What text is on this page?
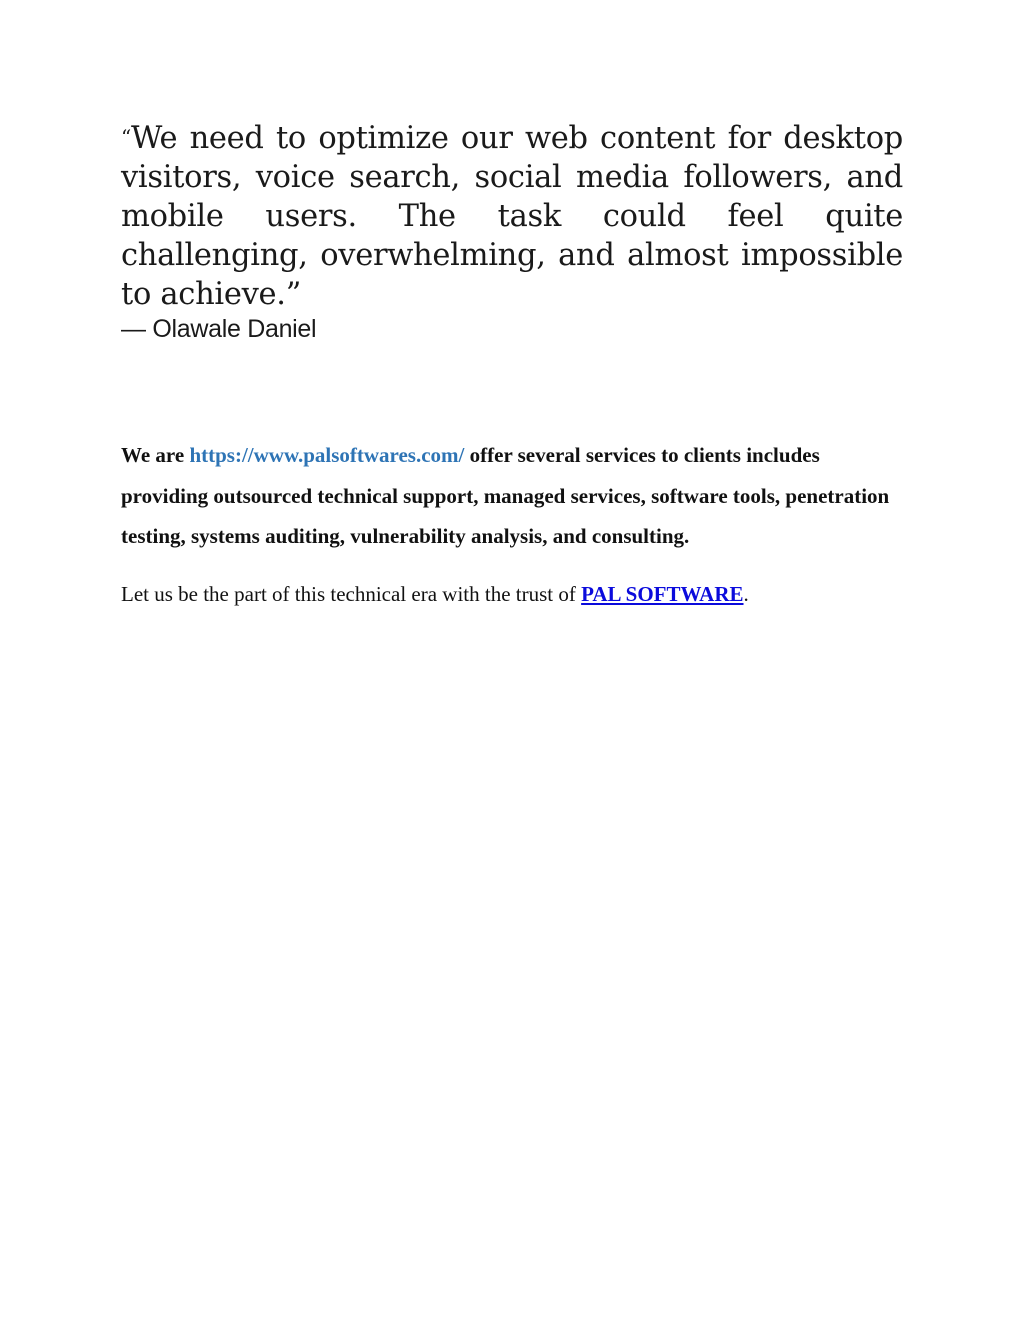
“We need to optimize our web content for desktop visitors, voice search, social media followers, and mobile users. The task could feel quite challenging, overwhelming, and almost impossible to achieve.”

— Olawale Daniel

We are https://www.palsoftwares.com/ offer several services to clients includes providing outsourced technical support, managed services, software tools, penetration testing, systems auditing, vulnerability analysis, and consulting.

Let us be the part of this technical era with the trust of PAL SOFTWARE.
